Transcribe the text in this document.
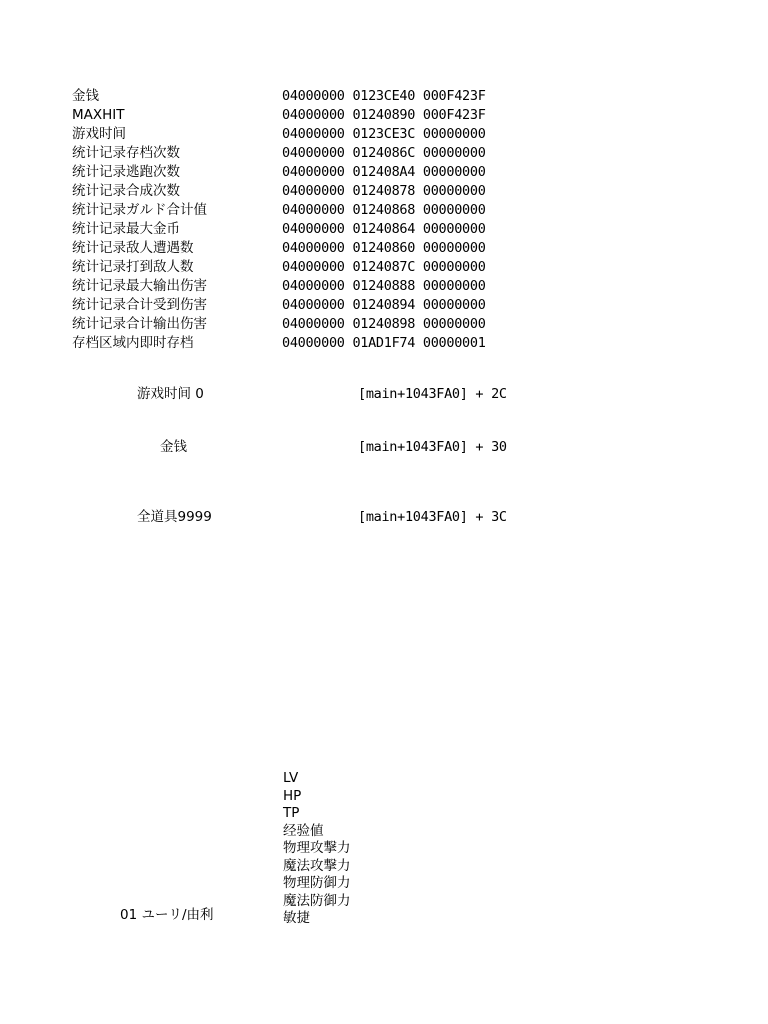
金钱	04000000 0123CE40 000F423F
MAXHIT	04000000 01240890 000F423F
游戏时间	04000000 0123CE3C 00000000
统计记录存档次数	04000000 0124086C 00000000
统计记录逃跑次数	04000000 012408A4 00000000
统计记录合成次数	04000000 01240878 00000000
统计记录ガルド合计值	04000000 01240868 00000000
统计记录最大金币	04000000 01240864 00000000
统计记录敌人遭遇数	04000000 01240860 00000000
统计记录打到敌人数	04000000 0124087C 00000000
统计记录最大输出伤害	04000000 01240888 00000000
统计记录合计受到伤害	04000000 01240894 00000000
统计记录合计输出伤害	04000000 01240898 00000000
存档区域内即时存档	04000000 01AD1F74 00000001
游戏时间 0	[main+1043FA0] + 2C
金钱	[main+1043FA0] + 30
全道具9999	[main+1043FA0] + 3C
LV
HP
TP
经验値
物理攻撃力
魔法攻撃力
物理防御力
魔法防御力
敏捷
01 ユーリ/由利
